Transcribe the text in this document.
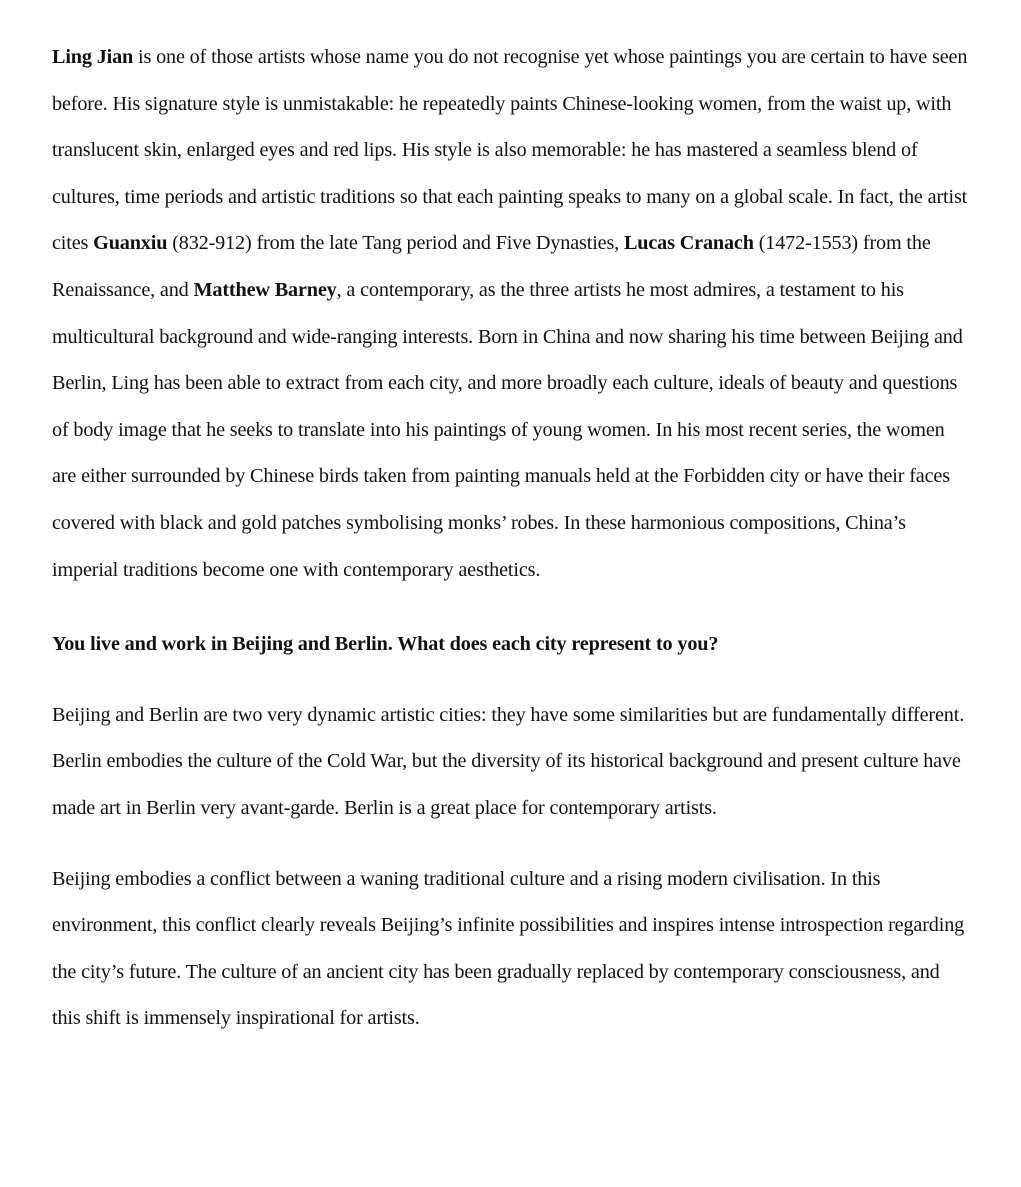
Ling Jian is one of those artists whose name you do not recognise yet whose paintings you are certain to have seen before. His signature style is unmistakable: he repeatedly paints Chinese-looking women, from the waist up, with translucent skin, enlarged eyes and red lips. His style is also memorable: he has mastered a seamless blend of cultures, time periods and artistic traditions so that each painting speaks to many on a global scale. In fact, the artist cites Guanxiu (832-912) from the late Tang period and Five Dynasties, Lucas Cranach (1472-1553) from the Renaissance, and Matthew Barney, a contemporary, as the three artists he most admires, a testament to his multicultural background and wide-ranging interests. Born in China and now sharing his time between Beijing and Berlin, Ling has been able to extract from each city, and more broadly each culture, ideals of beauty and questions of body image that he seeks to translate into his paintings of young women. In his most recent series, the women are either surrounded by Chinese birds taken from painting manuals held at the Forbidden city or have their faces covered with black and gold patches symbolising monks’ robes. In these harmonious compositions, China’s imperial traditions become one with contemporary aesthetics.

You live and work in Beijing and Berlin. What does each city represent to you?

Beijing and Berlin are two very dynamic artistic cities: they have some similarities but are fundamentally different. Berlin embodies the culture of the Cold War, but the diversity of its historical background and present culture have made art in Berlin very avant-garde. Berlin is a great place for contemporary artists.

Beijing embodies a conflict between a waning traditional culture and a rising modern civilisation. In this environment, this conflict clearly reveals Beijing’s infinite possibilities and inspires intense introspection regarding the city’s future. The culture of an ancient city has been gradually replaced by contemporary consciousness, and this shift is immensely inspirational for artists.
